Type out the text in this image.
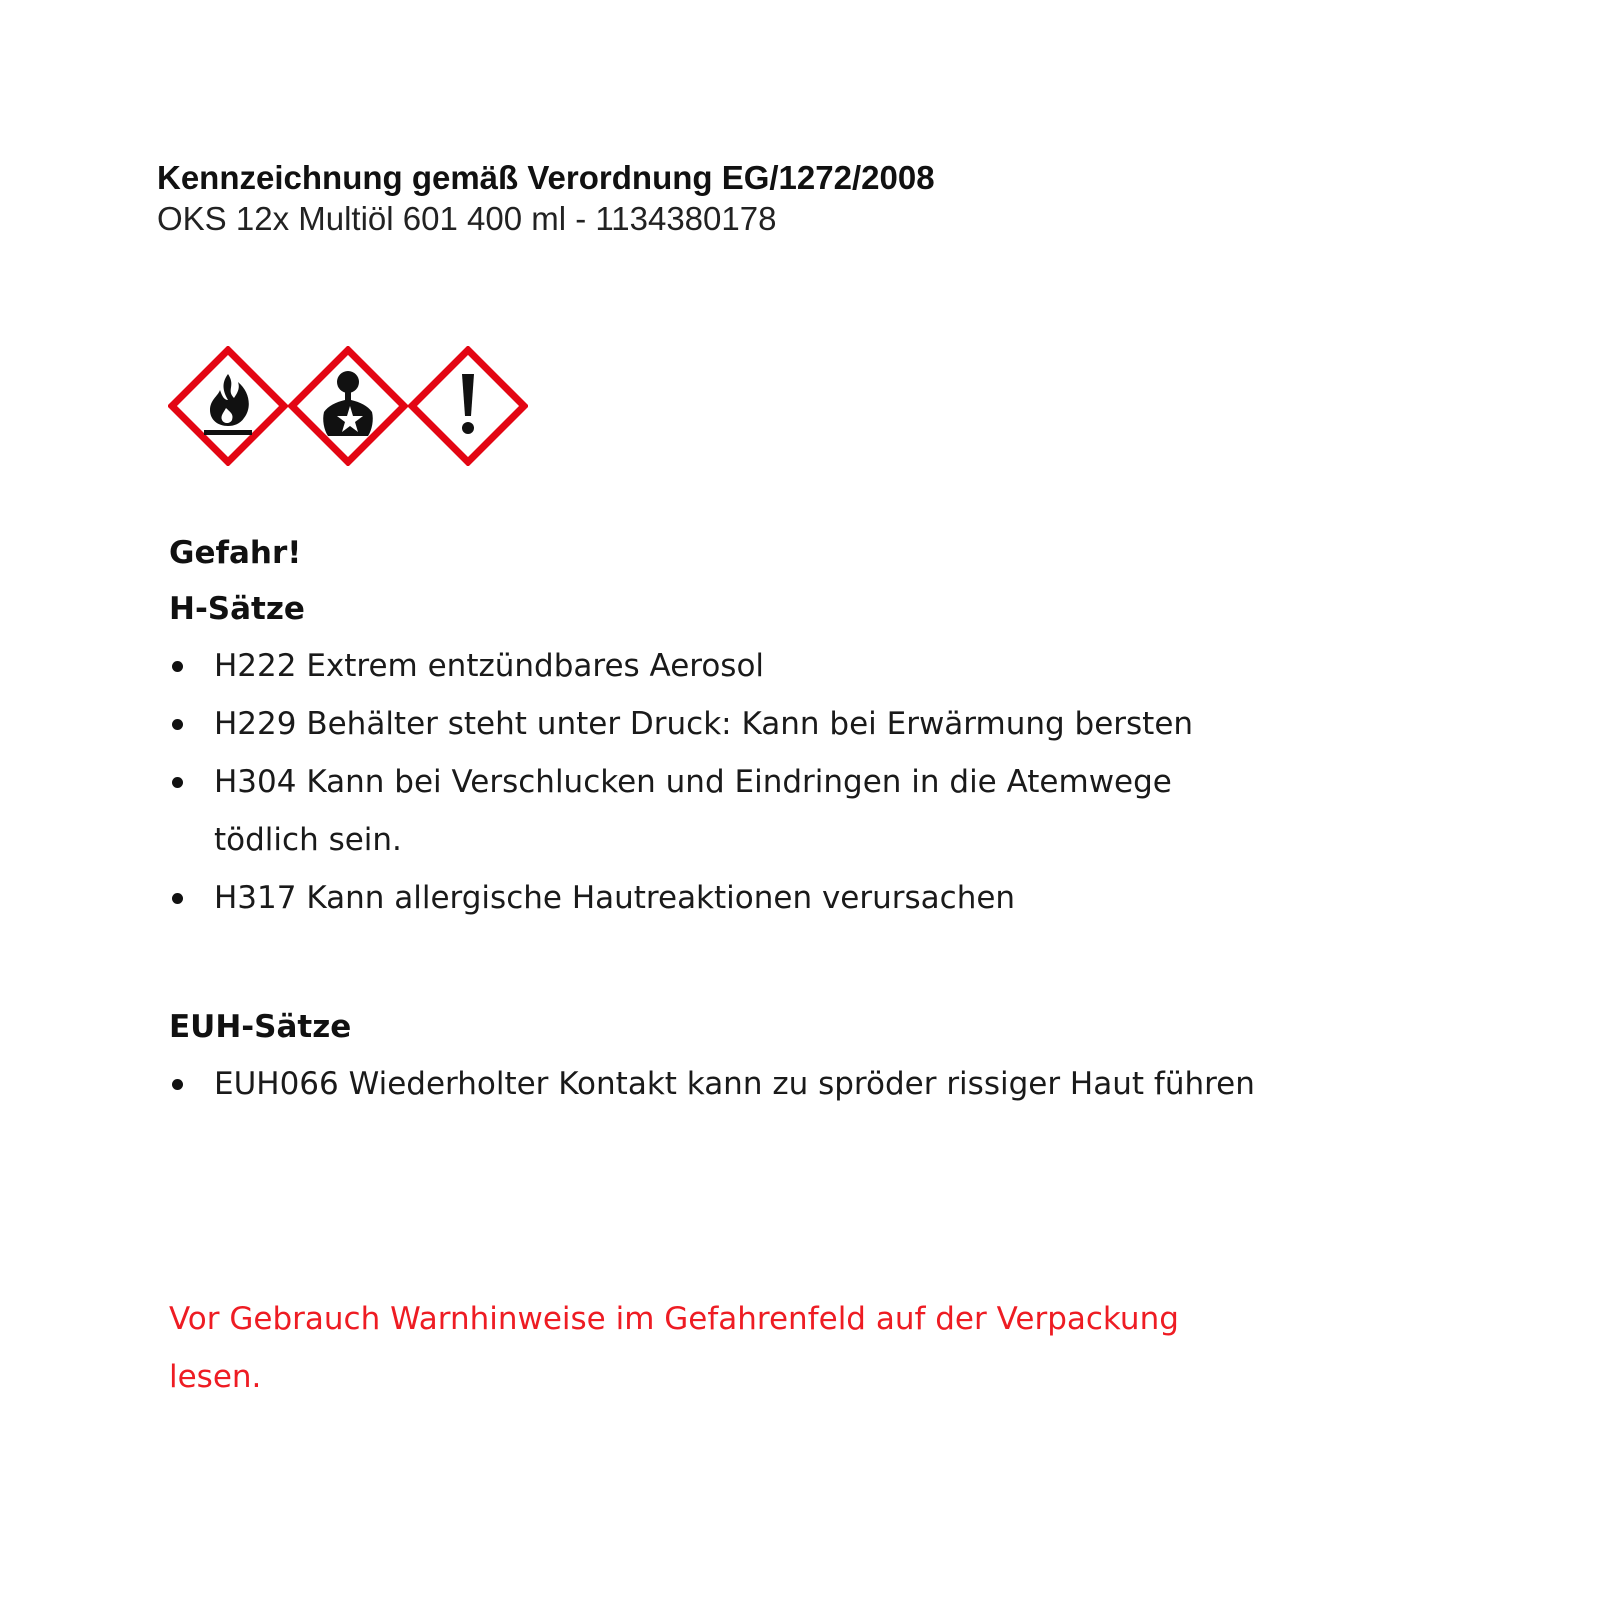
Kennzeichnung gemäß Verordnung EG/1272/2008
OKS 12x Multiöl 601 400 ml - 1134380178
Gefahr!
H-Sätze
H222 Extrem entzündbares Aerosol
H229 Behälter steht unter Druck: Kann bei Erwärmung bersten
H304 Kann bei Verschlucken und Eindringen in die Atemwege tödlich sein.
H317 Kann allergische Hautreaktionen verursachen
EUH-Sätze
EUH066 Wiederholter Kontakt kann zu spröder rissiger Haut führen
Vor Gebrauch Warnhinweise im Gefahrenfeld auf der Verpackung lesen.
